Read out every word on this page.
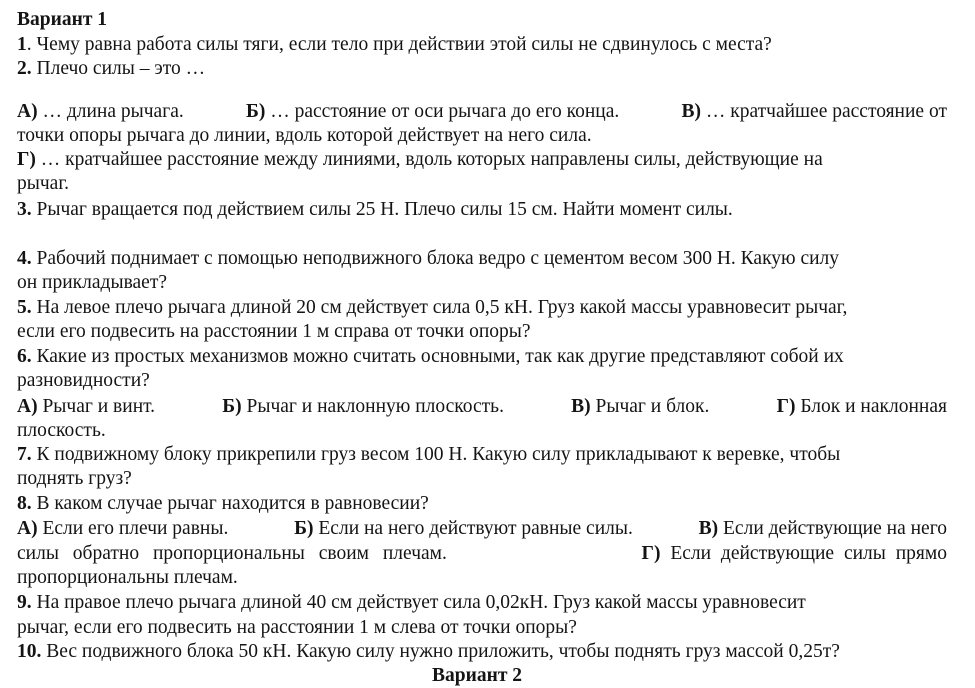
Вариант 1
1. Чему равна работа силы тяги, если тело при действии этой силы не сдвинулось с места?
2. Плечо силы – это …
А) … длина рычага.	Б) … расстояние от оси рычага до его конца.	В) … кратчайшее расстояние от
точки опоры рычага до линии, вдоль которой действует на него сила.
Г) … кратчайшее расстояние между линиями, вдоль которых направлены силы, действующие на
рычаг.
3. Рычаг вращается под действием силы 25 Н. Плечо силы 15 см. Найти момент силы.
4. Рабочий поднимает с помощью неподвижного блока ведро с цементом весом 300 Н. Какую силу
он прикладывает?
5. На левое плечо рычага длиной 20 см действует сила 0,5 кН. Груз какой массы уравновесит рычаг,
если его подвесить на расстоянии 1 м справа от точки опоры?
6. Какие из простых механизмов можно считать основными, так как другие представляют собой их
разновидности?
А) Рычаг и винт.	Б) Рычаг и наклонную плоскость.	В) Рычаг и блок.	Г) Блок и наклонная
плоскость.
7. К подвижному блоку прикрепили груз весом 100 Н. Какую силу прикладывают к веревке, чтобы
поднять груз?
8. В каком случае рычаг находится в равновесии?
А) Если его плечи равны.	Б) Если на него действуют равные силы.	В) Если действующие на него
силы обратно пропорциональны своим плечам.	Г) Если действующие силы прямо
пропорциональны плечам.
9. На правое плечо рычага длиной 40 см действует сила 0,02кН. Груз какой массы уравновесит
рычаг, если его подвесить на расстоянии 1 м слева от точки опоры?
10. Вес подвижного блока 50 кН. Какую силу нужно приложить, чтобы поднять груз массой 0,25т?
Вариант 2
